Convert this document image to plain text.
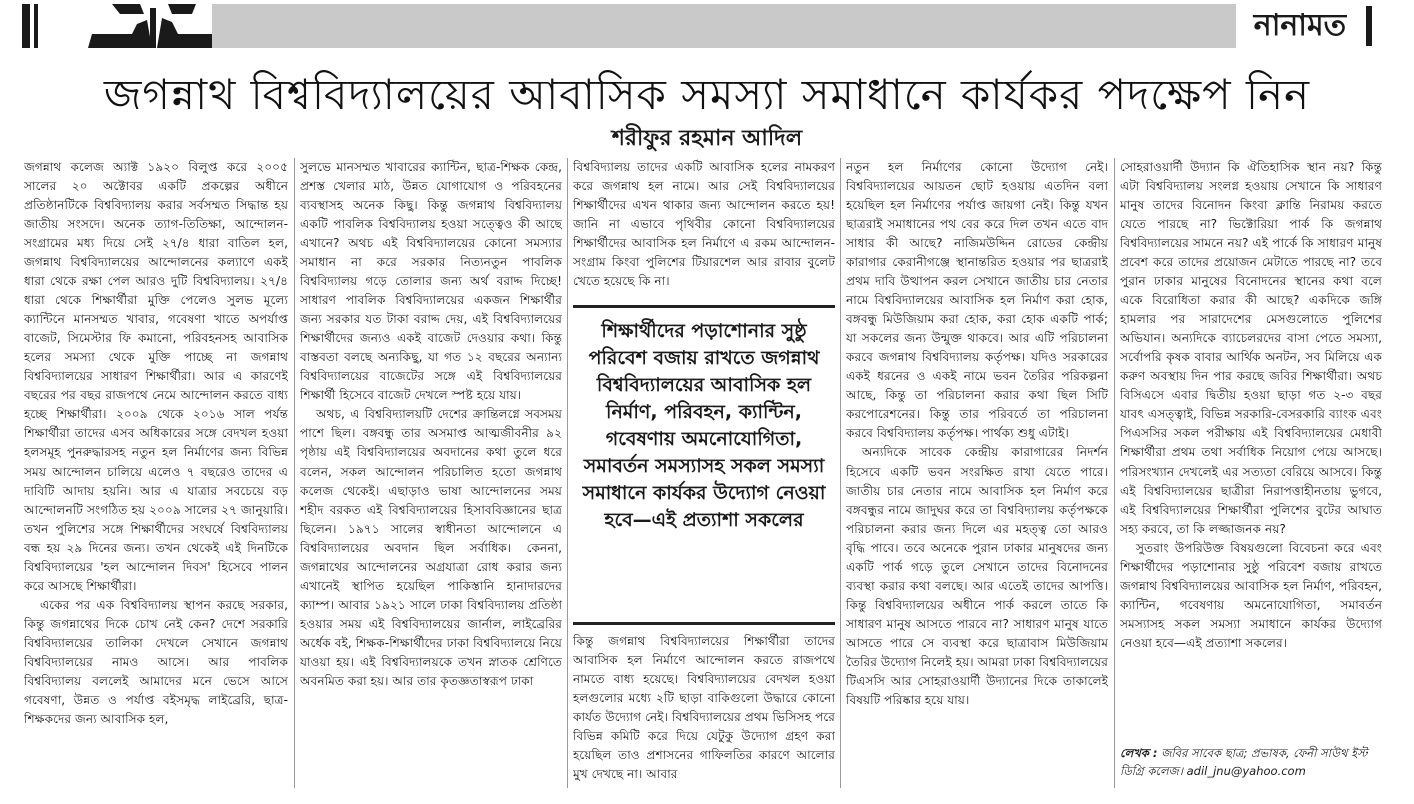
নানামত
জগন্নাথ বিশ্ববিদ্যালয়ের আবাসিক সমস্যা সমাধানে কার্যকর পদক্ষেপ নিন
শরীফুর রহমান আদিল

জগন্নাথ কলেজ অ্যাক্ট ১৯২০ বিলুপ্ত করে ২০০৫ সালের ২০ অক্টোবর একটি প্রকল্পের অধীনে প্রতিষ্ঠানটিকে বিশ্ববিদ্যালয় করার সর্বসম্মত সিদ্ধান্ত হয় জাতীয় সংসদে। অনেক ত্যাগ-তিতিক্ষা, আন্দোলন-সংগ্রামের মধ্য দিয়ে সেই ২৭/৪ ধারা বাতিল হল, জগন্নাথ বিশ্ববিদ্যালয়ের আন্দোলনের কল্যাণে একই ধারা থেকে রক্ষা পেল আরও দুটি বিশ্ববিদ্যালয়। ২৭/৪ ধারা থেকে শিক্ষার্থীরা মুক্তি পেলেও সুলভ মূল্যে ক্যান্টিনে মানসম্মত খাবার, গবেষণা খাতে অপর্যাপ্ত বাজেট, সিমেস্টার ফি কমানো, পরিবহনসহ আবাসিক হলের সমস্যা থেকে মুক্তি পাচ্ছে না জগন্নাথ বিশ্ববিদ্যালয়ের সাধারণ শিক্ষার্থীরা। আর এ কারণেই বছরের পর বছর রাজপথে নেমে আন্দোলন করতে বাধ্য হচ্ছে শিক্ষার্থীরা। ২০০৯ থেকে ২০১৬ সাল পর্যন্ত শিক্ষার্থীরা তাদের এসব অধিকারের সঙ্গে বেদখল হওয়া হলসমূহ পুনরুদ্ধারসহ নতুন হল নির্মাণের জন্য বিভিন্ন সময় আন্দোলন চালিয়ে এলেও ৭ বছরেও তাদের এ দাবিটি আদায় হয়নি। আর এ যাত্রার সবচেয়ে বড় আন্দোলনটি সংগঠিত হয় ২০০৯ সালের ২৭ জানুয়ারি। তখন পুলিশের সঙ্গে শিক্ষার্থীদের সংঘর্ষে বিশ্ববিদ্যালয় বন্ধ হয় ২৯ দিনের জন্য। তখন থেকেই এই দিনটিকে বিশ্ববিদ্যালয়ের 'হল আন্দোলন দিবস' হিসেবে পালন করে আসছে শিক্ষার্থীরা।

একের পর এক বিশ্ববিদ্যালয় স্থাপন করছে সরকার, কিন্তু জগন্নাথের দিকে চোখ নেই কেন? দেশে সরকারি বিশ্ববিদ্যালয়ের তালিকা দেখলে সেখানে জগন্নাথ বিশ্ববিদ্যালয়ের নামও আসে। আর পাবলিক বিশ্ববিদ্যালয় বললেই আমাদের মনে ভেসে আসে গবেষণা, উন্নত ও পর্যাপ্ত বইসমৃদ্ধ লাইব্রেরি, ছাত্র-শিক্ষকদের জন্য আবাসিক হল,

সুলভে মানসম্মত খাবারের ক্যান্টিন, ছাত্র-শিক্ষক কেন্দ্র, প্রশস্ত খেলার মাঠ, উন্নত যোগাযোগ ও পরিবহনের ব্যবস্থাসহ অনেক কিছু। কিন্তু জগন্নাথ বিশ্ববিদ্যালয় একটি পাবলিক বিশ্ববিদ্যালয় হওয়া সত্ত্বেও কী আছে এখানে? অথচ এই বিশ্ববিদ্যালয়ের কোনো সমস্যার সমাধান না করে সরকার নিত্যনতুন পাবলিক বিশ্ববিদ্যালয় গড়ে তোলার জন্য অর্থ বরাদ্দ দিচ্ছে! সাধারণ পাবলিক বিশ্ববিদ্যালয়ের একজন শিক্ষার্থীর জন্য সরকার যত টাকা বরাদ্দ দেয়, এই বিশ্ববিদ্যালয়ের শিক্ষার্থীদের জন্যও একই বাজেট দেওয়ার কথা। কিন্তু বাস্তবতা বলছে অন্যকিছু, যা গত ১২ বছরের অন্যান্য বিশ্ববিদ্যালয়ের বাজেটের সঙ্গে এই বিশ্ববিদ্যালয়ের শিক্ষার্থী হিসেবে বাজেট দেখলে স্পষ্ট হয়ে যায়।

অথচ, এ বিশ্ববিদ্যালয়টি দেশের ক্রান্তিলগ্নে সবসময় পাশে ছিল। বঙ্গবন্ধু তার অসমাপ্ত আত্মজীবনীর ৯২ পৃষ্ঠায় এই বিশ্ববিদ্যালয়ের অবদানের কথা তুলে ধরে বলেন, সকল আন্দোলন পরিচালিত হতো জগন্নাথ কলেজ থেকেই। এছাড়াও ভাষা আন্দোলনের সময় শহীদ বরকত এই বিশ্ববিদ্যালয়ের হিসাববিজ্ঞানের ছাত্র ছিলেন। ১৯৭১ সালের স্বাধীনতা আন্দোলনে এ বিশ্ববিদ্যালয়ের অবদান ছিল সর্বাধিক। কেননা, জগন্নাথের আন্দোলনের অগ্রযাত্রা রোধ করার জন্য এখানেই স্থাপিত হয়েছিল পাকিস্তানি হানাদারদের ক্যাম্প। আবার ১৯২১ সালে ঢাকা বিশ্ববিদ্যালয় প্রতিষ্ঠা হওয়ার সময় এই বিশ্ববিদ্যালয়ের জার্নাল, লাইব্রেরির অর্ধেক বই, শিক্ষক-শিক্ষার্থীদের ঢাকা বিশ্ববিদ্যালয়ে নিয়ে যাওয়া হয়। এই বিশ্ববিদ্যালয়কে তখন স্নাতক শ্রেণিতে অবনমিত করা হয়। আর তার কৃতজ্ঞতাস্বরূপ ঢাকা

বিশ্ববিদ্যালয় তাদের একটি আবাসিক হলের নামকরণ করে জগন্নাথ হল নামে। আর সেই বিশ্ববিদ্যালয়ের শিক্ষার্থীদের এখন থাকার জন্য আন্দোলন করতে হয়! জানি না এভাবে পৃথিবীর কোনো বিশ্ববিদ্যালয়ের শিক্ষার্থীদের আবাসিক হল নির্মাণে এ রকম আন্দোলন-সংগ্রাম কিংবা পুলিশের টিয়ারশেল আর রাবার বুলেট খেতে হয়েছে কি না।

শিক্ষার্থীদের পড়াশোনার সুষ্ঠু পরিবেশ বজায় রাখতে জগন্নাথ বিশ্ববিদ্যালয়ের আবাসিক হল নির্মাণ, পরিবহন, ক্যান্টিন, গবেষণায় অমনোযোগিতা, সমাবর্তন সমস্যাসহ সকল সমস্যা সমাধানে কার্যকর উদ্যোগ নেওয়া হবে—এই প্রত্যাশা সকলের

কিন্তু জগন্নাথ বিশ্ববিদ্যালয়ের শিক্ষার্থীরা তাদের আবাসিক হল নির্মাণে আন্দোলন করতে রাজপথে নামতে বাধ্য হয়েছে। বিশ্ববিদ্যালয়ের বেদখল হওয়া হলগুলোর মধ্যে ২টি ছাড়া বাকিগুলো উদ্ধারে কোনো কার্যত উদ্যোগ নেই। বিশ্ববিদ্যালয়ের প্রথম ভিসিসহ পরে বিভিন্ন কমিটি করে দিয়ে যেটুকু উদ্যোগ গ্রহণ করা হয়েছিল তাও প্রশাসনের গাফিলতির কারণে আলোর মুখ দেখছে না। আবার

নতুন হল নির্মাণের কোনো উদ্যোগ নেই। বিশ্ববিদ্যালয়ের আয়তন ছোট হওয়ায় এতদিন বলা হয়েছিল হল নির্মাণের পর্যাপ্ত জায়গা নেই। কিন্তু যখন ছাত্ররাই সমাধানের পথ বের করে দিল তখন এতে বাদ সাধার কী আছে? নাজিমউদ্দিন রোডের কেন্দ্রীয় কারাগার কেরানীগঞ্জে স্থানান্তরিত হওয়ার পর ছাত্ররাই প্রথম দাবি উত্থাপন করল সেখানে জাতীয় চার নেতার নামে বিশ্ববিদ্যালয়ের আবাসিক হল নির্মাণ করা হোক, বঙ্গবন্ধু মিউজিয়াম করা হোক, করা হোক একটি পার্ক; যা সকলের জন্য উন্মুক্ত থাকবে। আর এটি পরিচালনা করবে জগন্নাথ বিশ্ববিদ্যালয় কর্তৃপক্ষ। যদিও সরকারের একই ধরনের ও একই নামে ভবন তৈরির পরিকল্পনা আছে, কিন্তু তা পরিচালনা করার কথা ছিল সিটি করপোরেশনের। কিন্তু তার পরিবর্তে তা পরিচালনা করবে বিশ্ববিদ্যালয় কর্তৃপক্ষ। পার্থক্য শুধু এটাই।

অন্যদিকে সাবেক কেন্দ্রীয় কারাগারের নিদর্শন হিসেবে একটি ভবন সংরক্ষিত রাখা যেতে পারে। জাতীয় চার নেতার নামে আবাসিক হল নির্মাণ করে বঙ্গবন্ধুর নামে জাদুঘর করে তা বিশ্ববিদ্যালয় কর্তৃপক্ষকে পরিচালনা করার জন্য দিলে এর মহত্ত্ব তো আরও বৃদ্ধি পাবে। তবে অনেকে পুরান ঢাকার মানুষদের জন্য একটি পার্ক গড়ে তুলে সেখানে তাদের বিনোদনের ব্যবস্থা করার কথা বলছে। আর এতেই তাদের আপত্তি। কিন্তু বিশ্ববিদ্যালয়ের অধীনে পার্ক করলে তাতে কি সাধারণ মানুষ আসতে পারবে না? সাধারণ মানুষ যাতে আসতে পারে সে ব্যবস্থা করে ছাত্রাবাস মিউজিয়াম তৈরির উদ্যোগ নিলেই হয়। আমরা ঢাকা বিশ্ববিদ্যালয়ের টিএসসি আর সোহরাওয়ার্দী উদ্যানের দিকে তাকালেই বিষয়টি পরিষ্কার হয়ে যায়।

সোহরাওয়ার্দী উদ্যান কি ঐতিহাসিক স্থান নয়? কিন্তু এটা বিশ্ববিদ্যালয় সংলগ্ন হওয়ায় সেখানে কি সাধারণ মানুষ তাদের বিনোদন কিংবা ক্লান্তি নিরাময় করতে যেতে পারছে না? ভিক্টোরিয়া পার্ক কি জগন্নাথ বিশ্ববিদ্যালয়ের সামনে নয়? এই পার্কে কি সাধারণ মানুষ প্রবেশ করে তাদের প্রয়োজন মেটাতে পারছে না? তবে পুরান ঢাকার মানুষের বিনোদনের স্থানের কথা বলে একে বিরোধিতা করার কী আছে? একদিকে জঙ্গি হামলার পর সারাদেশের মেসগুলোতে পুলিশের অভিযান। অন্যদিকে ব্যাচেলরদের বাসা পেতে সমস্যা, সর্বোপরি কৃষক বাবার আর্থিক অনটন, সব মিলিয়ে এক করুণ অবস্থায় দিন পার করছে জবির শিক্ষার্থীরা। অথচ বিসিএসে এবার দ্বিতীয় হওয়া ছাড়া গত ২-৩ বছর যাবৎ এসত্ত্বাই, বিভিন্ন সরকারি-বেসরকারি ব্যাংক এবং পিএসসির সকল পরীক্ষায় এই বিশ্ববিদ্যালয়ের মেধাবী শিক্ষার্থীরা প্রথম তথা সর্বাধিক নিয়োগ পেয়ে আসছে। পরিসংখ্যান দেখলেই এর সত্যতা বেরিয়ে আসবে। কিন্তু এই বিশ্ববিদ্যালয়ের ছাত্রীরা নিরাপত্তাহীনতায় ভুগবে, এই বিশ্ববিদ্যালয়ের শিক্ষার্থীরা পুলিশের বুটের আঘাত সহ্য করবে, তা কি লজ্জাজনক নয়?

সুতরাং উপরিউক্ত বিষয়গুলো বিবেচনা করে এবং শিক্ষার্থীদের পড়াশোনার সুষ্ঠু পরিবেশ বজায় রাখতে জগন্নাথ বিশ্ববিদ্যালয়ের আবাসিক হল নির্মাণ, পরিবহন, ক্যান্টিন, গবেষণায় অমনোযোগিতা, সমাবর্তন সমস্যাসহ সকল সমস্যা সমাধানে কার্যকর উদ্যোগ নেওয়া হবে—এই প্রত্যাশা সকলের।

লেখক : জবির সাবেক ছাত্র; প্রভাষক, ফেনী সাউথ ইস্ট ডিগ্রি কলেজ। adil_jnu@yahoo.com
